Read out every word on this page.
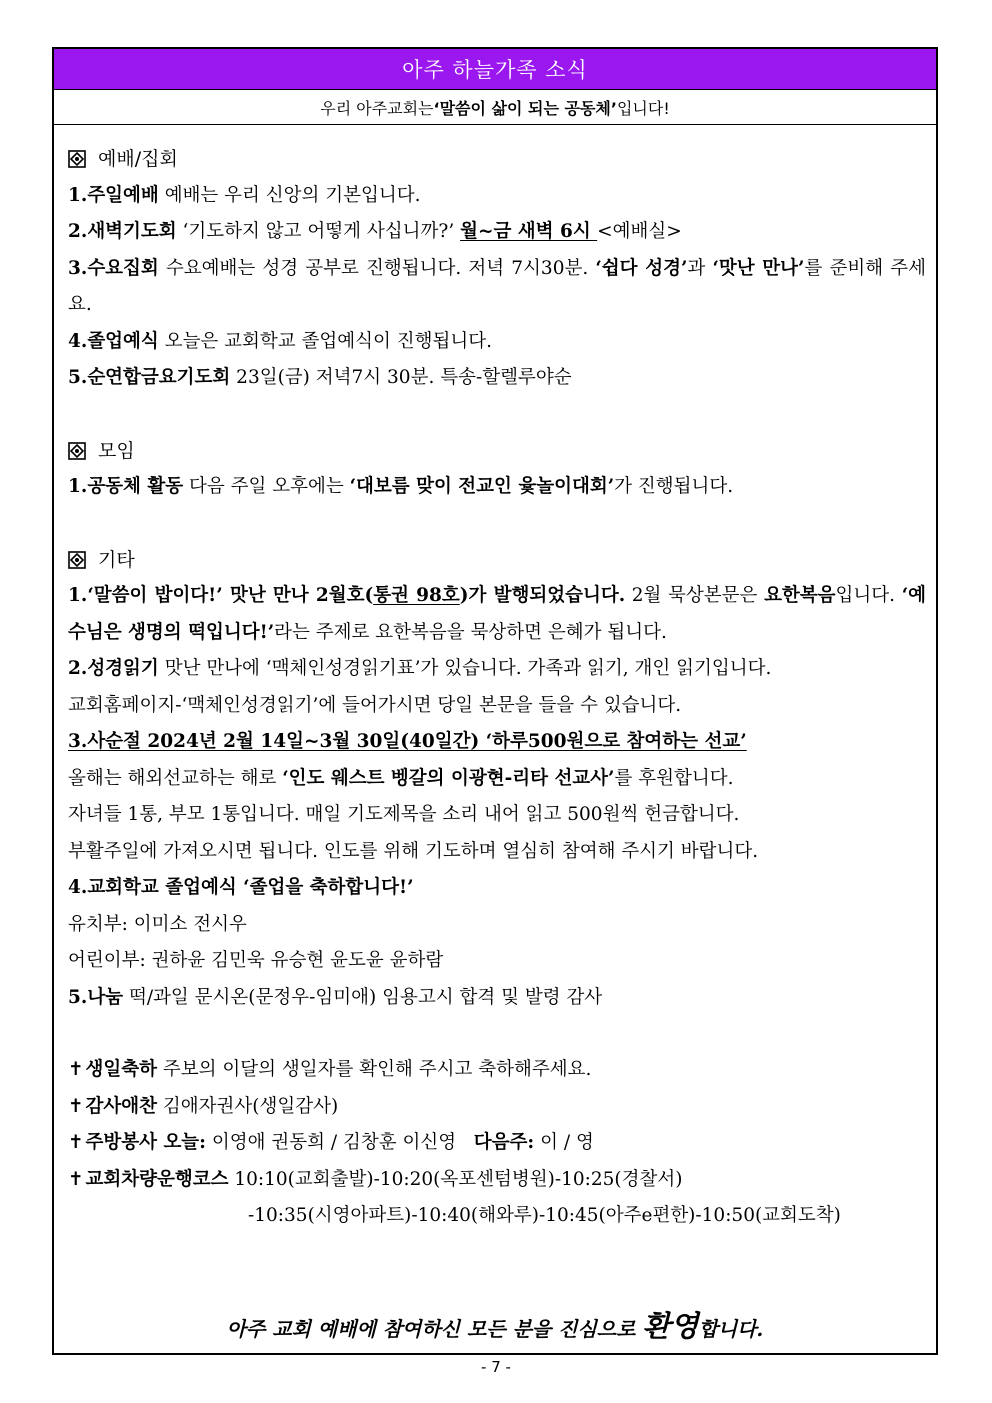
아주 하늘가족 소식
우리 아주교회는 ‘말씀이 삶이 되는 공동체’ 입니다!
예배/집회
1.주일예배 예배는 우리 신앙의 기본입니다.
2.새벽기도회 ‘기도하지 않고 어떻게 사십니까?’ 월~금 새벽 6시 <예배실>
3.수요집회 수요예배는 성경 공부로 진행됩니다. 저녁 7시30분. ‘쉽다 성경’과 ‘맛난 만나’를 준비해 주세요.
4.졸업예식 오늘은 교회학교 졸업예식이 진행됩니다.
5.순연합금요기도회 23일(금) 저녁7시 30분. 특송-할렐루야순
모임
1.공동체 활동 다음 주일 오후에는 ‘대보름 맞이 전교인 윷놀이대회’가 진행됩니다.
기타
1.‘말씀이 밥이다!’ 맛난 만나 2월호(통권 98호)가 발행되었습니다. 2월 묵상본문은 요한복음입니다. ‘예수님은 생명의 떡입니다!’라는 주제로 요한복음을 묵상하면 은혜가 됩니다.
2.성경읽기 맛난 만나에 ‘맥체인성경읽기표’가 있습니다. 가족과 읽기, 개인 읽기입니다.
교회홈페이지-‘맥체인성경읽기’에 들어가시면 당일 본문을 들을 수 있습니다.
3.사순절 2024년 2월 14일~3월 30일(40일간) ‘하루500원으로 참여하는 선교’
올해는 해외선교하는 해로 ‘인도 웨스트 벵갈의 이광현-리타 선교사’를 후원합니다.
자녀들 1통, 부모 1통입니다. 매일 기도제목을 소리 내어 읽고 500원씩 헌금합니다.
부활주일에 가져오시면 됩니다. 인도를 위해 기도하며 열심히 참여해 주시기 바랍니다.
4.교회학교 졸업예식 ‘졸업을 축하합니다!’
유치부: 이미소 전시우
어린이부: 권하윤 김민욱 유승현 윤도윤 윤하람
5.나눔 떡/과일 문시온(문정우-임미애) 임용고시 합격 및 발령 감사
✝ 생일축하 주보의 이달의 생일자를 확인해 주시고 축하해주세요.
✝ 감사애찬 김애자권사(생일감사)
✝ 주방봉사 오늘: 이영애 권동희 / 김창훈 이신영   다음주: 이 / 영
✝ 교회차량운행코스 10:10(교회출발)-10:20(옥포센텀병원)-10:25(경찰서)
-10:35(시영아파트)-10:40(해와루)-10:45(아주e편한)-10:50(교회도착)
아주 교회 예배에 참여하신 모든 분을 진심으로 환영합니다.
- 7 -
